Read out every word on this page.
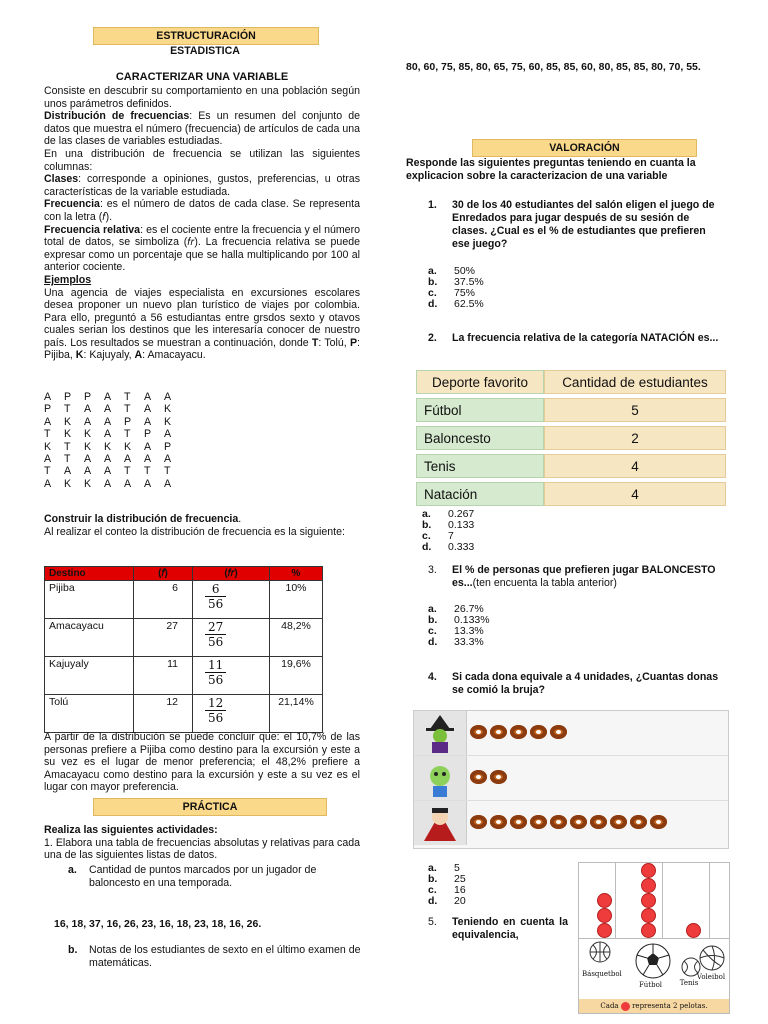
ESTRUCTURACIÓN
ESTADISTICA
CARACTERIZAR UNA VARIABLE
Consiste en descubrir su comportamiento en una población según unos parámetros definidos.
Distribución de frecuencias: Es un resumen del conjunto de datos que muestra el número (frecuencia) de artículos de cada una de las clases de variables estudiadas.
En una distribución de frecuencia se utilizan las siguientes columnas:
Clases: corresponde a opiniones, gustos, preferencias, u otras características de la variable estudiada.
Frecuencia: es el número de datos de cada clase. Se representa con la letra (𝑓).
Frecuencia relativa: es el cociente entre la frecuencia y el número total de datos, se simboliza (𝑓𝑟). La frecuencia relativa se puede expresar como un porcentaje que se halla multiplicando por 100 al anterior cociente.
Ejemplos
Una agencia de viajes especialista en excursiones escolares desea proponer un nuevo plan turístico de viajes por colombia. Para ello, preguntó a 56 estudiantas entre grsdos sexto y otavos cuales serian los destinos que les interesaría conocer de nuestro país. Los resultados se muestran a continuación, donde T: Tolú, P: Pijiba, K: Kajuyaly, A: Amacayacu.
A	P	P	A	T	A	A
P	T	A	A	T	A	K
A	K	A	A	P	A	K
T	K	K	A	T	P	A
K	T	K	K	K	A	P
A	T	A	A	A	A	A
T	A	A	A	T	T	T
A	K	K	A	A	A	A
Construir la distribución de frecuencia.
Al realizar el conteo la distribución de frecuencia es la siguiente:
Destino	(𝑓)	(𝑓𝑟)	%
Pijiba	6	$\frac{6}{56}$	10%
Amacayacu	27	$\frac{27}{56}$	48,2%
Kajuyaly	11	$\frac{11}{56}$	19,6%
Tolú	12	$\frac{12}{56}$	21,14%
A partir de la distribución se puede concluir que: el 10,7% de las personas prefiere a Pijiba como destino para la excursión y este a su vez es el lugar de menor preferencia; el 48,2% prefiere a Amacayacu como destino para la excursión y este a su vez es el lugar con mayor preferencia.
PRÁCTICA
Realiza las siguientes actividades:
1. Elabora una tabla de frecuencias absolutas y relativas para cada una de las siguientes listas de datos.
a. Cantidad de puntos marcados por un jugador de baloncesto en una temporada.
16, 18, 37, 16, 26, 23, 16, 18, 23, 18, 16, 26.
b. Notas de los estudiantes de sexto en el último examen de matemáticas.
80, 60, 75, 85, 80, 65, 75, 60, 85, 85, 60, 80, 85, 85, 80, 70, 55.
VALORACIÓN
Responde las siguientes preguntas teniendo en cuanta la explicacion sobre la caracterizacion de una variable
1. 30 de los 40 estudiantes del salón eligen el juego de Enredados para jugar después de su sesión de clases. ¿Cual es el % de estudiantes que prefieren ese juego?
a.	50%
b.	37.5%
c.	75%
d.	62.5%
2. La frecuencia relativa de la categoría NATACIÓN es...
Deporte favorito	Cantidad de estudiantes
Fútbol	5
Baloncesto	2
Tenis	4
Natación	4
a.	0.267
b.	0.133
c.	7
d.	0.333
3. El % de personas que prefieren jugar BALONCESTO es...(ten encuenta la tabla anterior)
a.	26.7%
b.	0.133%
c.	13.3%
d.	33.3%
4. Si cada dona equivale a 4 unidades, ¿Cuantas donas se comió la bruja?
a.	5
b.	25
c.	16
d.	20
5. Teniendo en cuenta la equivalencia,
Básquetbol
Fútbol	Tenis
Voleibol
Cada representa 2 pelotas.
